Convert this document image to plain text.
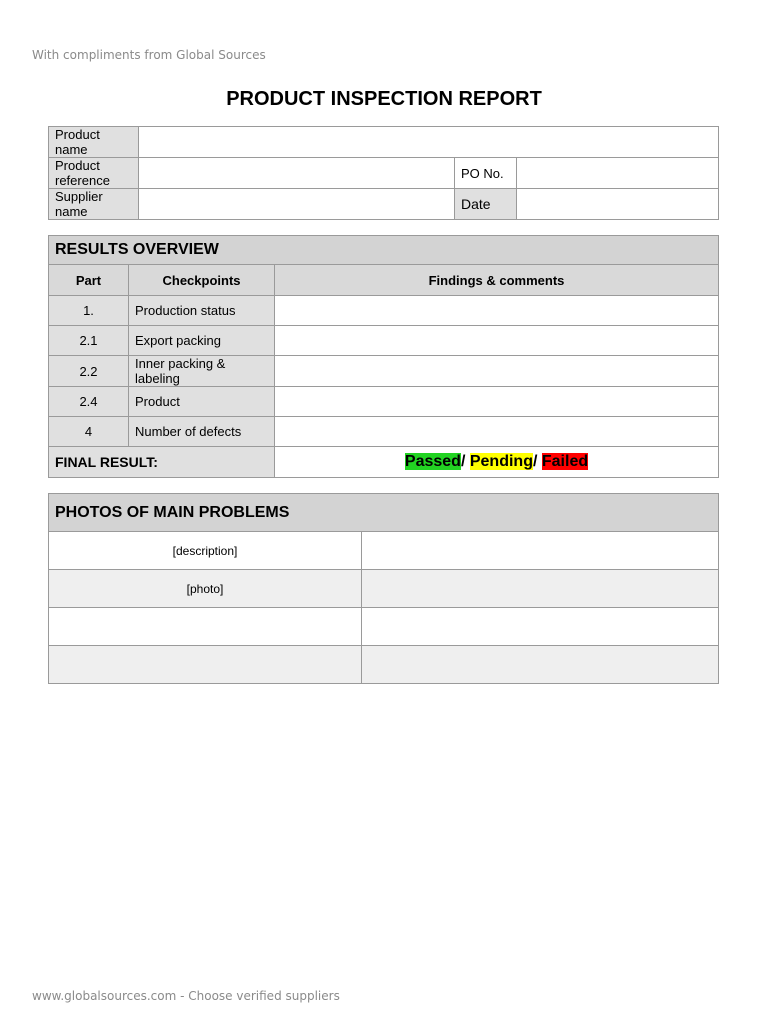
With compliments from Global Sources
PRODUCT INSPECTION REPORT
Product name			
Product reference		PO No.	
Supplier name		Date	
RESULTS OVERVIEW		
Part	Checkpoints	Findings & comments
1.	Production status	
2.1	Export packing	
2.2	Inner packing & labeling	
2.4	Product	
4	Number of defects	
FINAL RESULT:		Passed/ Pending/ Failed
PHOTOS OF MAIN PROBLEMS	
[description]	
[photo]	

www.globalsources.com - Choose verified suppliers
